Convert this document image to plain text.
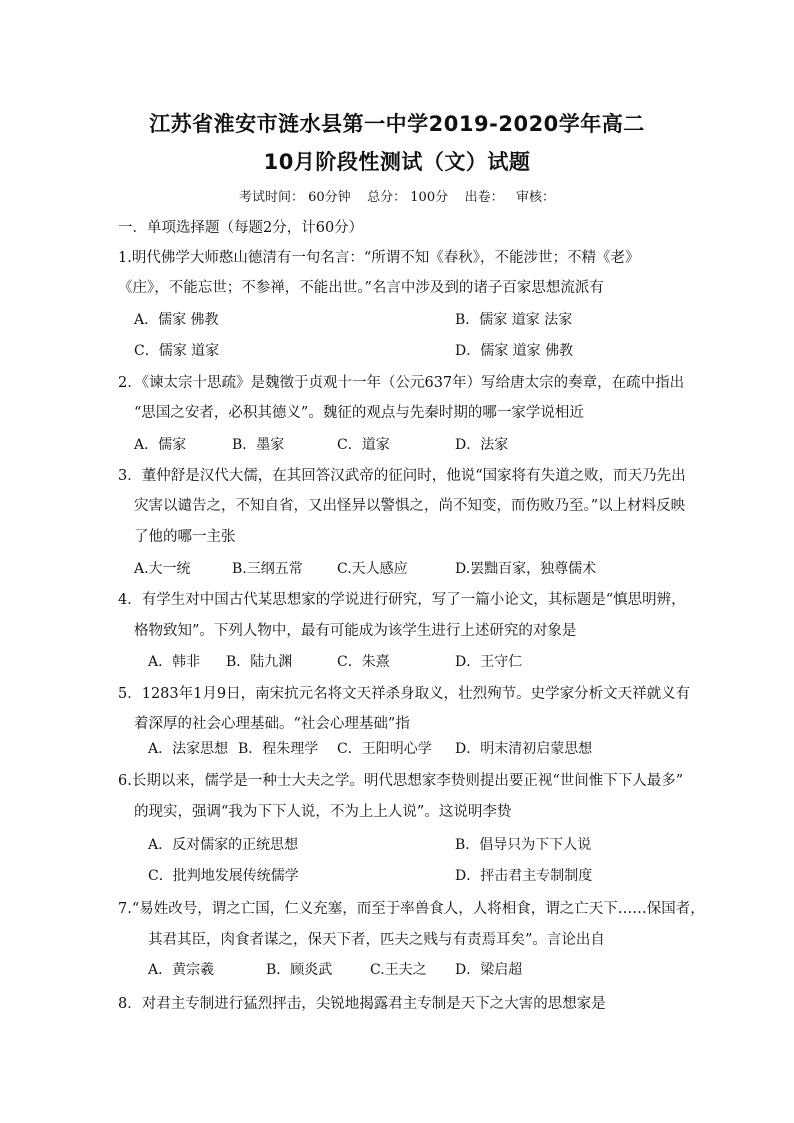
江苏省淮安市涟水县第一中学2019-2020学年高二
10月阶段性测试（文）试题
考试时间： 60分钟    总分： 100分    出卷：   审核：
一．单项选择题（每题2分，计60分）
1.明代佛学大师憨山德清有一句名言：“所谓不知《春秋》，不能涉世；不精《老》
《庄》，不能忘世；不参禅，不能出世。”名言中涉及到的诸子百家思想流派有
A．儒家 佛教	B．儒家 道家 法家
C．儒家 道家	D．儒家 道家 佛教
2．《谏太宗十思疏》是魏徵于贞观十一年（公元637年）写给唐太宗的奏章，在疏中指出
“思国之安者，必积其德义”。魏征的观点与先秦时期的哪一家学说相近
A．儒家	B．墨家	C．道家	D．法家
3．董仲舒是汉代大儒，在其回答汉武帝的征问时，他说“国家将有失道之败，而天乃先出
灾害以谴告之，不知自省，又出怪异以警惧之，尚不知变，而伤败乃至。”以上材料反映
了他的哪一主张
A.大一统	B.三纲五常 C.天人感应	D.罢黜百家，独尊儒术
4．有学生对中国古代某思想家的学说进行研究，写了一篇小论文，其标题是“慎思明辨，
格物致知”。下列人物中，最有可能成为该学生进行上述研究的对象是
A．韩非 B．陆九渊	C．朱熹	D．王守仁
5．1283年1月9日，南宋抗元名将文天祥杀身取义，壮烈殉节。史学家分析文天祥就义有
着深厚的社会心理基础。“社会心理基础”指
A．法家思想 B．程朱理学 C．王阳明心学 D．明末清初启蒙思想
6.长期以来，儒学是一种士大夫之学。明代思想家李贽则提出要正视“世间惟下下人最多”
的现实，强调“我为下下人说，不为上上人说”。这说明李贽
A．反对儒家的正统思想	B．倡导只为下下人说
C．批判地发展传统儒学	D．抨击君主专制制度
7.“易姓改号，谓之亡国，仁义充塞，而至于率兽食人，人将相食，谓之亡天下……保国者，
其君其臣，肉食者谋之，保天下者，匹夫之贱与有责焉耳矣”。言论出自
A．黄宗羲	B．顾炎武	C.王夫之 D．梁启超
8．对君主专制进行猛烈抨击，尖锐地揭露君主专制是天下之大害的思想家是
